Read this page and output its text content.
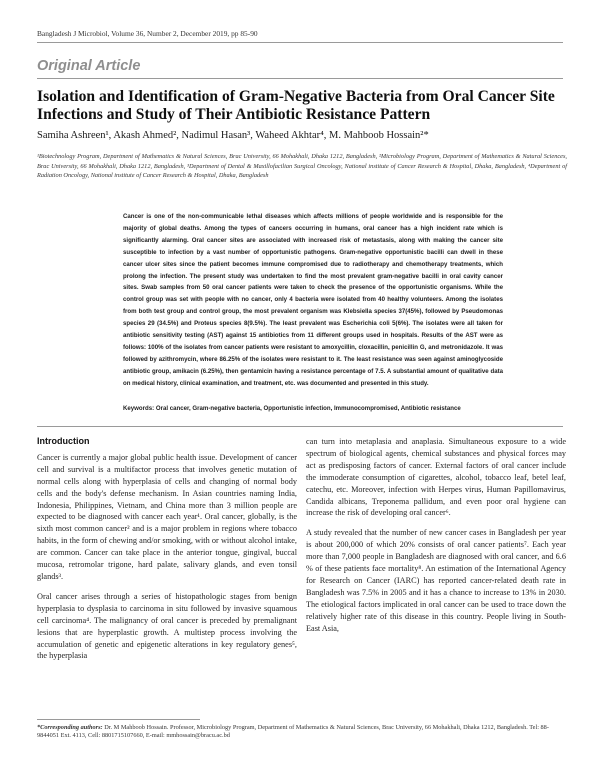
Bangladesh J Microbiol, Volume 36, Number 2, December 2019, pp 85-90
Original Article
Isolation and Identification of Gram-Negative Bacteria from Oral Cancer Site Infections and Study of Their Antibiotic Resistance Pattern
Samiha Ashreen¹, Akash Ahmed², Nadimul Hasan³, Waheed Akhtar⁴, M. Mahboob Hossain²*
¹Biotechnology Program, Department of Mathematics & Natural Sciences, Brac University, 66 Mohakhali, Dhaka 1212, Bangladesh, ²Microbiology Program, Department of Mathematics & Natural Sciences, Brac University, 66 Mohakhali, Dhaka 1212, Bangladesh, ³Department of Dental & Maxillofacilian Surgical Oncology, National institute of Cancer Research & Hospital, Dhaka, Bangladesh, ⁴Department of Radiation Oncology, National institute of Cancer Research & Hospital, Dhaka, Bangladesh
Cancer is one of the non-communicable lethal diseases which affects millions of people worldwide and is responsible for the majority of global deaths. Among the types of cancers occurring in humans, oral cancer has a high incident rate which is significantly alarming. Oral cancer sites are associated with increased risk of metastasis, along with making the cancer site susceptible to infection by a vast number of opportunistic pathogens. Gram-negative opportunistic bacilli can dwell in these cancer ulcer sites since the patient becomes immune compromised due to radiotherapy and chemotherapy treatments, which prolong the infection. The present study was undertaken to find the most prevalent gram-negative bacilli in oral cavity cancer sites. Swab samples from 50 oral cancer patients were taken to check the presence of the opportunistic organisms. While the control group was set with people with no cancer, only 4 bacteria were isolated from 40 healthy volunteers. Among the isolates from both test group and control group, the most prevalent organism was Klebsiella species 37(45%), followed by Pseudomonas species 29 (34.5%) and Proteus species 8(9.5%). The least prevalent was Escherichia coli 5(6%). The isolates were all taken for antibiotic sensitivity testing (AST) against 15 antibiotics from 11 different groups used in hospitals. Results of the AST were as follows: 100% of the isolates from cancer patients were resistant to amoxycillin, cloxacillin, penicillin G, and metronidazole. It was followed by azithromycin, where 86.25% of the isolates were resistant to it. The least resistance was seen against aminoglycoside antibiotic group, amikacin (6.25%), then gentamicin having a resistance percentage of 7.5. A substantial amount of qualitative data on medical history, clinical examination, and treatment, etc. was documented and presented in this study.
Keywords: Oral cancer, Gram-negative bacteria, Opportunistic infection, Immunocompromised, Antibiotic resistance
Introduction

Cancer is currently a major global public health issue. Development of cancer cell and survival is a multifactor process that involves genetic mutation of normal cells along with hyperplasia of cells and changing of normal body cells and the body's defense mechanism. In Asian countries naming India, Indonesia, Philippines, Vietnam, and China more than 3 million people are expected to be diagnosed with cancer each year¹. Oral cancer, globally, is the sixth most common cancer² and is a major problem in regions where tobacco habits, in the form of chewing and/or smoking, with or without alcohol intake, are common. Cancer can take place in the anterior tongue, gingival, buccal mucosa, retromolar trigone, hard palate, salivary glands, and even tonsil glands³.

Oral cancer arises through a series of histopathologic stages from benign hyperplasia to dysplasia to carcinoma in situ followed by invasive squamous cell carcinoma⁴. The malignancy of oral cancer is preceded by premalignant lesions that are hyperplastic growth. A multistep process involving the accumulation of genetic and epigenetic alterations in key regulatory genes⁵, the hyperplasia

can turn into metaplasia and anaplasia. Simultaneous exposure to a wide spectrum of biological agents, chemical substances and physical forces may act as predisposing factors of cancer. External factors of oral cancer include the immoderate consumption of cigarettes, alcohol, tobacco leaf, betel leaf, catechu, etc. Moreover, infection with Herpes virus, Human Papillomavirus, Candida albicans, Treponema pallidum, and even poor oral hygiene can increase the risk of developing oral cancer⁶.

A study revealed that the number of new cancer cases in Bangladesh per year is about 200,000 of which 20% consists of oral cancer patients⁷. Each year more than 7,000 people in Bangladesh are diagnosed with oral cancer, and 6.6 % of these patients face mortality⁸. An estimation of the International Agency for Research on Cancer (IARC) has reported cancer-related death rate in Bangladesh was 7.5% in 2005 and it has a chance to increase to 13% in 2030. The etiological factors implicated in oral cancer can be used to trace down the relatively higher rate of this disease in this country. People living in South-East Asia,

*Corresponding authors: Dr. M Mahboob Hossain. Professor, Microbiology Program, Department of Mathematics & Natural Sciences, Brac University, 66 Mohakhali, Dhaka 1212, Bangladesh. Tel: 88-9844051 Ext. 4113, Cell: 8801715107660, E-mail: mmhossain@bracu.ac.bd
